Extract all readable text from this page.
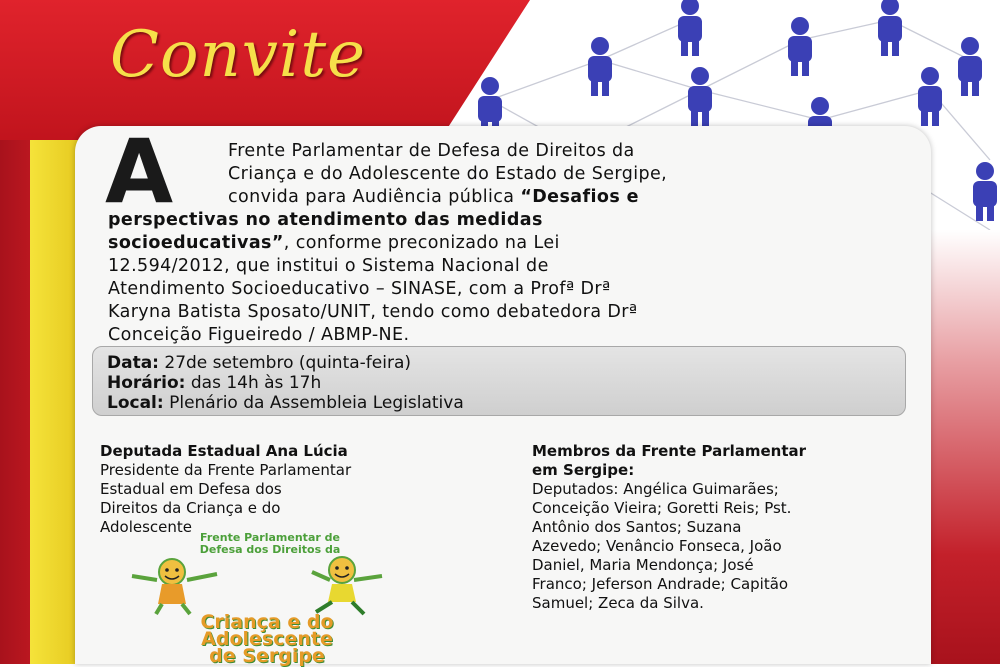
Convite
A	Frente Parlamentar de Defesa de Direitos da
Criança e do Adolescente do Estado de Sergipe,
convida para Audiência pública “Desafios e
perspectivas no atendimento das medidas
socioeducativas”, conforme preconizado na Lei
12.594/2012, que institui o Sistema Nacional de
Atendimento Socioeducativo – SINASE, com a Profª Drª
Karyna Batista Sposato/UNIT, tendo como debatedora Drª
Conceição Figueiredo / ABMP-NE.
Data: 27de setembro (quinta-feira)
Horário: das 14h às 17h
Local: Plenário da Assembleia Legislativa
Deputada Estadual Ana Lúcia
Presidente da Frente Parlamentar
Estadual em Defesa dos
Direitos da Criança e do
Adolescente
Membros da Frente Parlamentar
em Sergipe:
Deputados: Angélica Guimarães;
Conceição Vieira; Goretti Reis; Pst.
Antônio dos Santos; Suzana
Azevedo; Venâncio Fonseca, João
Daniel, Maria Mendonça; José
Franco; Jeferson Andrade; Capitão
Samuel; Zeca da Silva.
Frente Parlamentar de
Defesa dos Direitos da
Criança e do
Adolescente
de Sergipe
